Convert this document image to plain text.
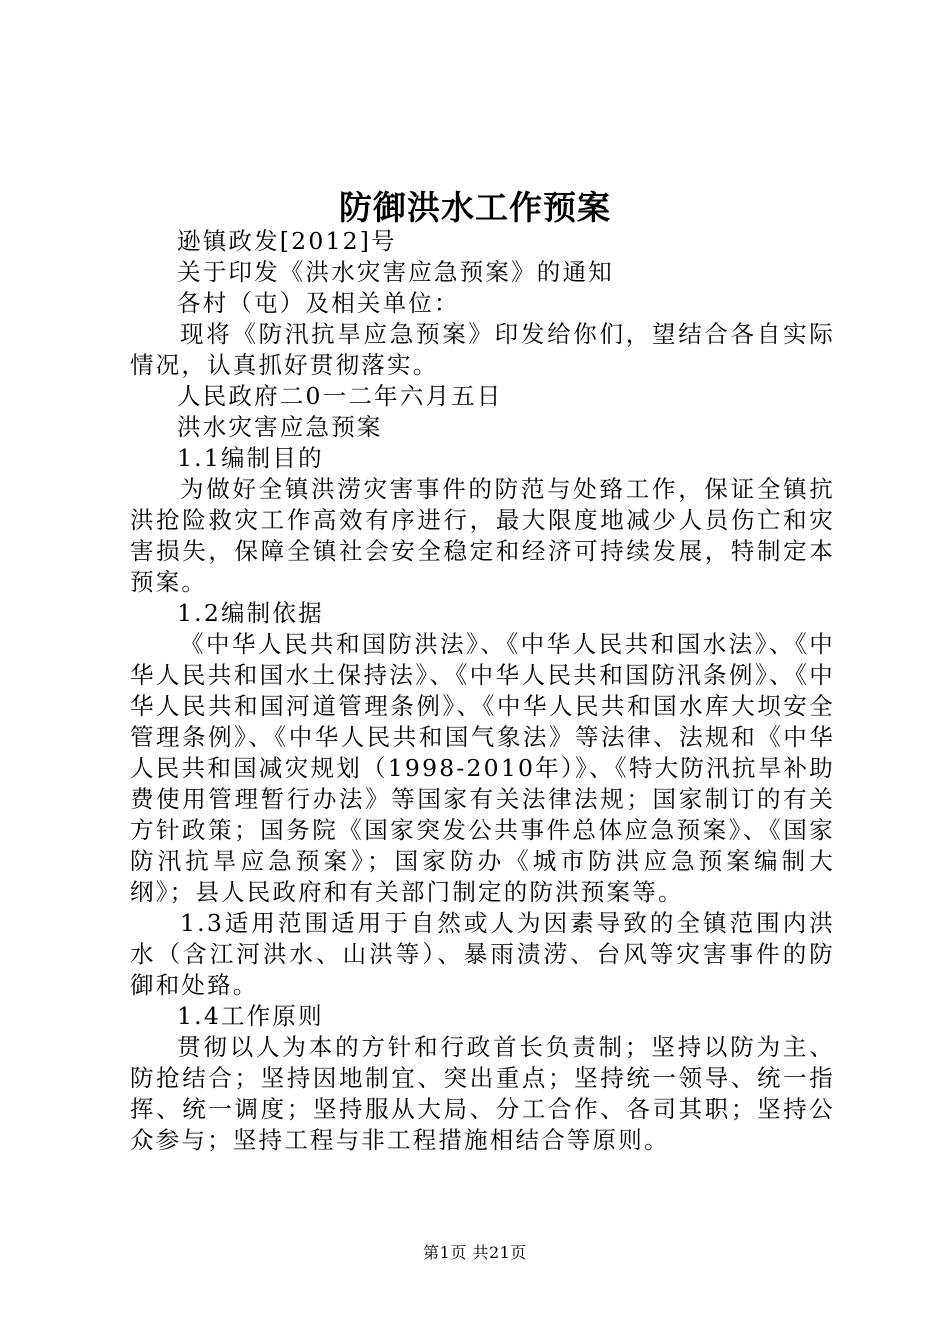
防御洪水工作预案

逊镇政发[2012]号

关于印发《洪水灾害应急预案》的通知

各村（屯）及相关单位：

现将《防汛抗旱应急预案》印发给你们，望结合各自实际情况，认真抓好贯彻落实。

人民政府二0一二年六月五日

洪水灾害应急预案

1.1编制目的

为做好全镇洪涝灾害事件的防范与处臵工作，保证全镇抗洪抢险救灾工作高效有序进行，最大限度地减少人员伤亡和灾害损失，保障全镇社会安全稳定和经济可持续发展，特制定本预案。

1.2编制依据

《中华人民共和国防洪法》、《中华人民共和国水法》、《中华人民共和国水土保持法》、《中华人民共和国防汛条例》、《中华人民共和国河道管理条例》、《中华人民共和国水库大坝安全管理条例》、《中华人民共和国气象法》等法律、法规和《中华人民共和国减灾规划（1998-2010年）》、《特大防汛抗旱补助费使用管理暂行办法》等国家有关法律法规；国家制订的有关方针政策；国务院《国家突发公共事件总体应急预案》、《国家防汛抗旱应急预案》；国家防办《城市防洪应急预案编制大纲》；县人民政府和有关部门制定的防洪预案等。

1.3适用范围适用于自然或人为因素导致的全镇范围内洪水（含江河洪水、山洪等）、暴雨渍涝、台风等灾害事件的防御和处臵。

1.4工作原则

贯彻以人为本的方针和行政首长负责制；坚持以防为主、防抢结合；坚持因地制宜、突出重点；坚持统一领导、统一指挥、统一调度；坚持服从大局、分工合作、各司其职；坚持公众参与；坚持工程与非工程措施相结合等原则。

第1页 共21页
